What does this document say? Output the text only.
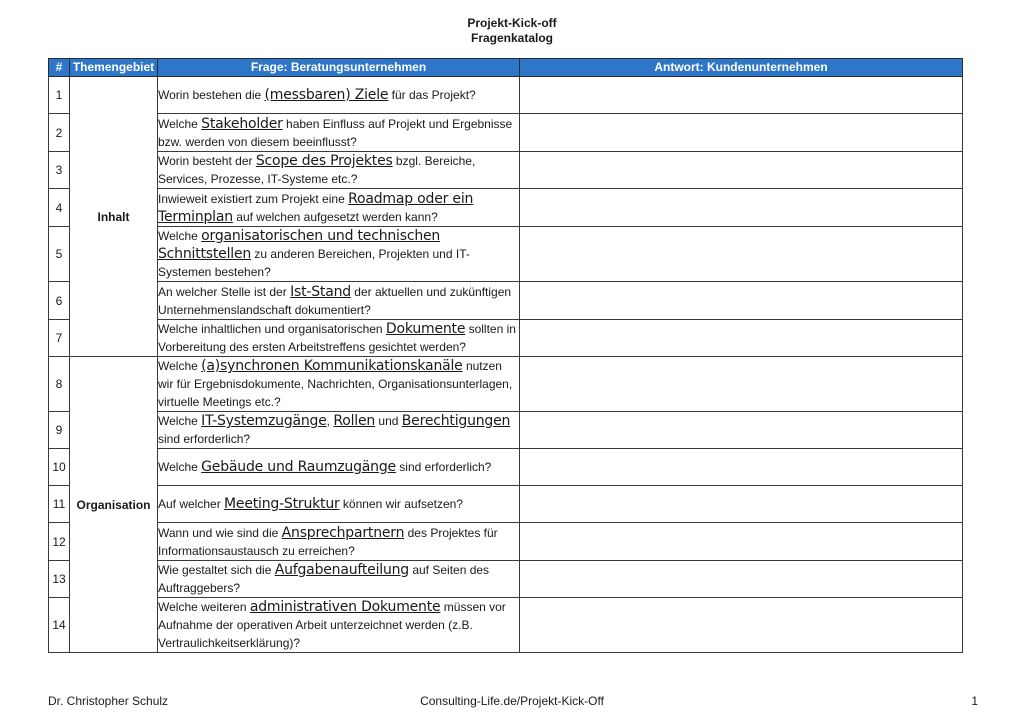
Projekt-Kick-off
Fragenkatalog
#	Themengebiet	Frage: Beratungsunternehmen	Antwort: Kundenunternehmen
1	Inhalt	Worin bestehen die (messbaren) Ziele für das Projekt?	
2		Welche Stakeholder haben Einfluss auf Projekt und Ergebnisse bzw. werden von diesem beeinflusst?	
3		Worin besteht der Scope des Projektes bzgl. Bereiche, Services, Prozesse, IT-Systeme etc.?	
4		Inwieweit existiert zum Projekt eine Roadmap oder ein Terminplan auf welchen aufgesetzt werden kann?	
5		Welche organisatorischen und technischen Schnittstellen zu anderen Bereichen, Projekten und IT-Systemen bestehen?	
6		An welcher Stelle ist der Ist-Stand der aktuellen und zukünftigen Unternehmenslandschaft dokumentiert?	
7		Welche inhaltlichen und organisatorischen Dokumente sollten in Vorbereitung des ersten Arbeitstreffens gesichtet werden?	
8	Organisation	Welche (a)synchronen Kommunikationskanäle nutzen wir für Ergebnisdokumente, Nachrichten, Organisationsunterlagen, virtuelle Meetings etc.?	
9		Welche IT-Systemzugänge, Rollen und Berechtigungen sind erforderlich?	
10		Welche Gebäude und Raumzugänge sind erforderlich?	
11		Auf welcher Meeting-Struktur können wir aufsetzen?	
12		Wann und wie sind die Ansprechpartnern des Projektes für Informationsaustausch zu erreichen?	
13		Wie gestaltet sich die Aufgabenaufteilung auf Seiten des Auftraggebers?	
14		Welche weiteren administrativen Dokumente müssen vor Aufnahme der operativen Arbeit unterzeichnet werden (z.B. Vertraulichkeitserklärung)?	
Dr. Christopher Schulz	Consulting-Life.de/Projekt-Kick-Off	1
